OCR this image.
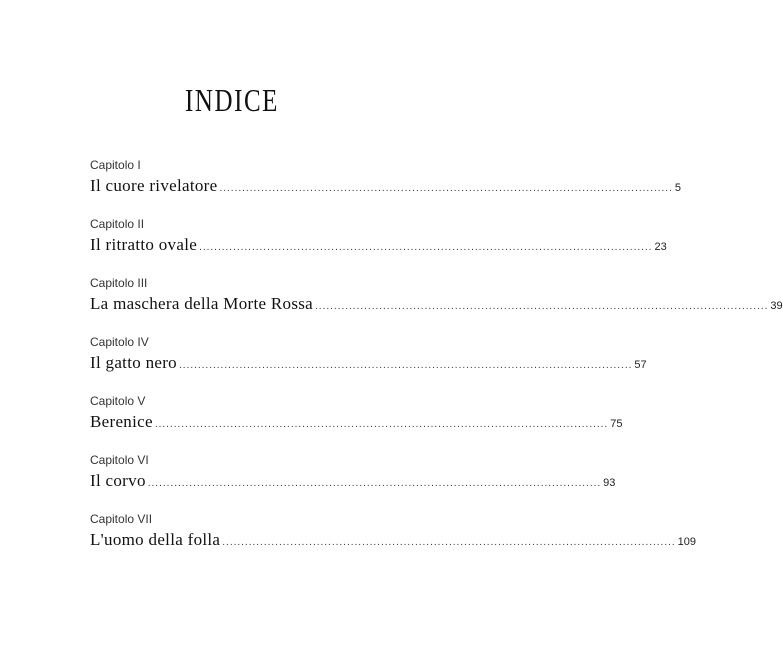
INDICE
Capitolo I
Il cuore rivelatore ........................................................................................................................ 5
Capitolo II
Il ritratto ovale ........................................................................................................................ 23
Capitolo III
La maschera della Morte Rossa ........................................................................................................................ 39
Capitolo IV
Il gatto nero ........................................................................................................................ 57
Capitolo V
Berenice ........................................................................................................................ 75
Capitolo VI
Il corvo ........................................................................................................................ 93
Capitolo VII
L'uomo della folla ........................................................................................................................ 109
